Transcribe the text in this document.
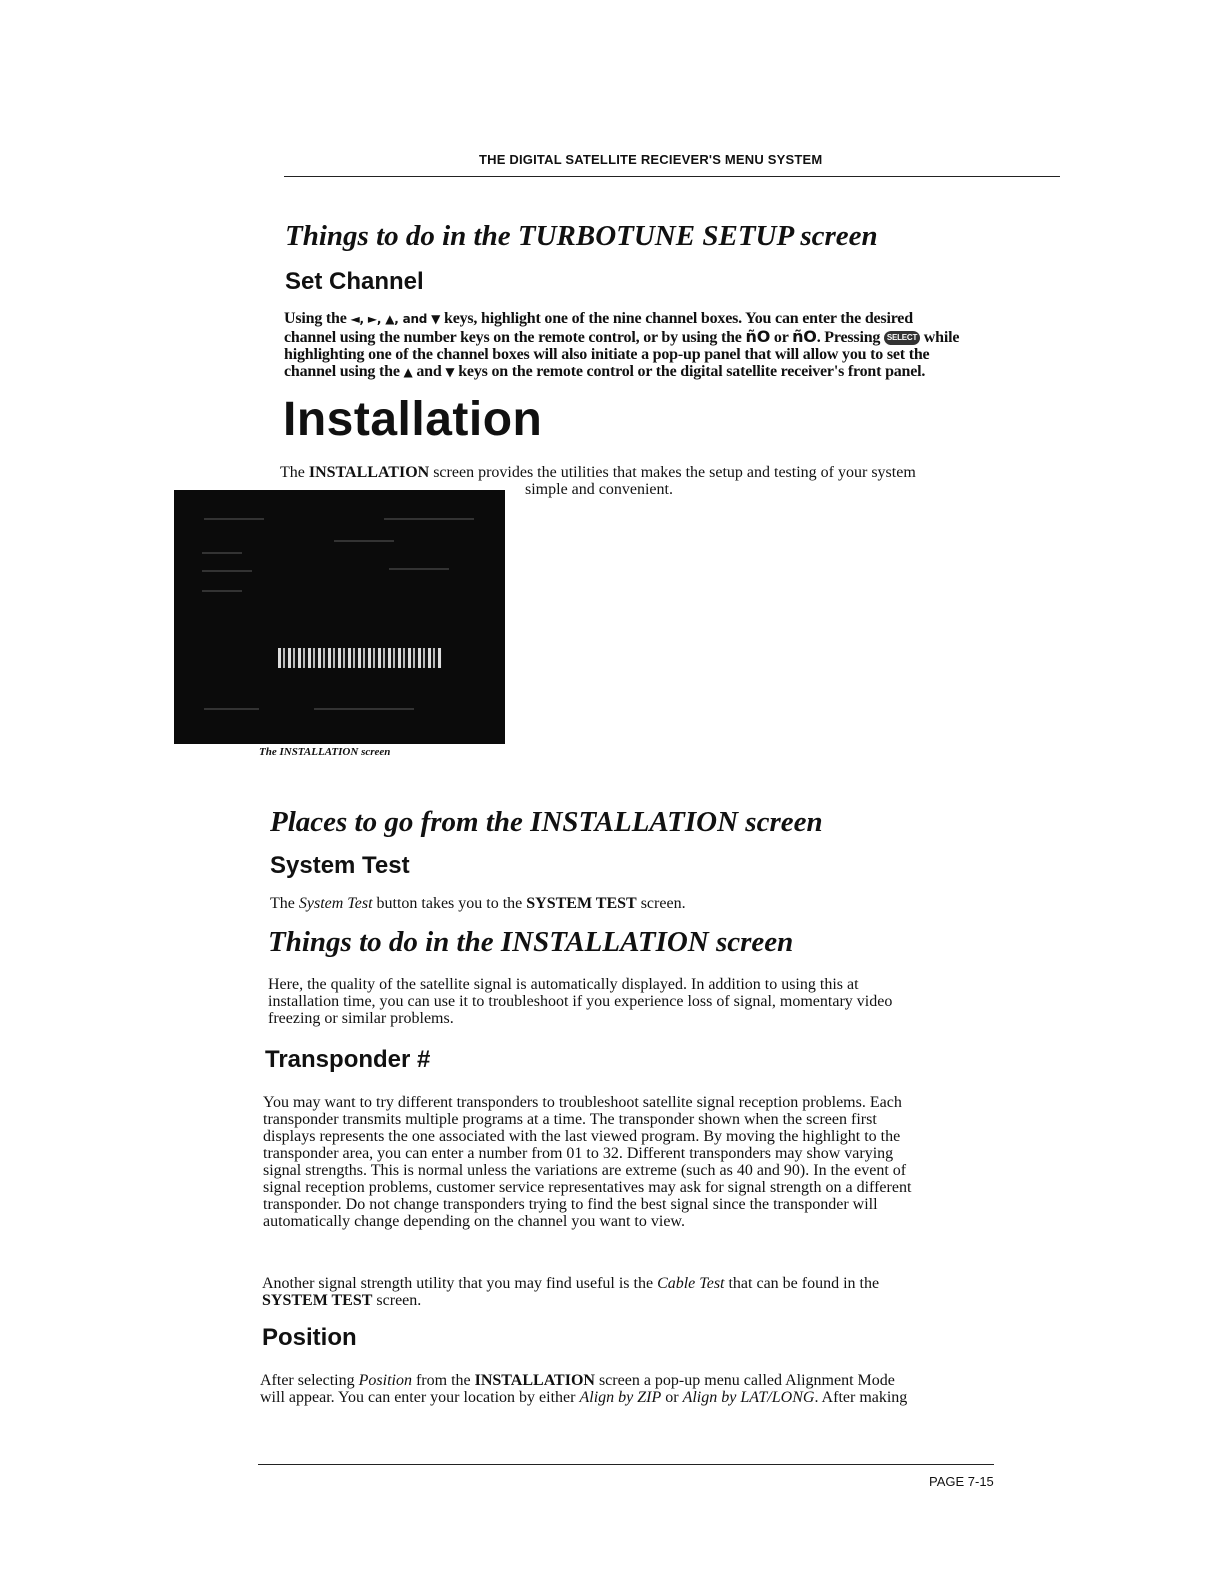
THE DIGITAL SATELLITE RECIEVER'S MENU SYSTEM
Things to do in the TURBOTUNE SETUP screen
Set Channel
Using the ◄, ►, ▲, and ▼ keys, highlight one of the nine channel boxes. You can enter the desired
channel using the number keys on the remote control, or by using the ñO or ñO. Pressing SELECT while
highlighting one of the channel boxes will also initiate a pop-up panel that will allow you to set the
channel using the ▲ and ▼ keys on the remote control or the digital satellite receiver's front panel.
Installation
The INSTALLATION screen provides the utilities that makes the setup and testing of your system
simple and convenient.
The INSTALLATION screen
Places to go from the INSTALLATION screen
System Test
The System Test button takes you to the SYSTEM TEST screen.
Things to do in the INSTALLATION screen
Here, the quality of the satellite signal is automatically displayed. In addition to using this at
installation time, you can use it to troubleshoot if you experience loss of signal, momentary video
freezing or similar problems.
Transponder #
You may want to try different transponders to troubleshoot satellite signal reception problems. Each
transponder transmits multiple programs at a time. The transponder shown when the screen first
displays represents the one associated with the last viewed program. By moving the highlight to the
transponder area, you can enter a number from 01 to 32. Different transponders may show varying
signal strengths. This is normal unless the variations are extreme (such as 40 and 90). In the event of
signal reception problems, customer service representatives may ask for signal strength on a different
transponder. Do not change transponders trying to find the best signal since the transponder will
automatically change depending on the channel you want to view.
Another signal strength utility that you may find useful is the Cable Test that can be found in the
SYSTEM TEST screen.
Position
After selecting Position from the INSTALLATION screen a pop-up menu called Alignment Mode
will appear. You can enter your location by either Align by ZIP or Align by LAT/LONG. After making
PAGE 7-15
